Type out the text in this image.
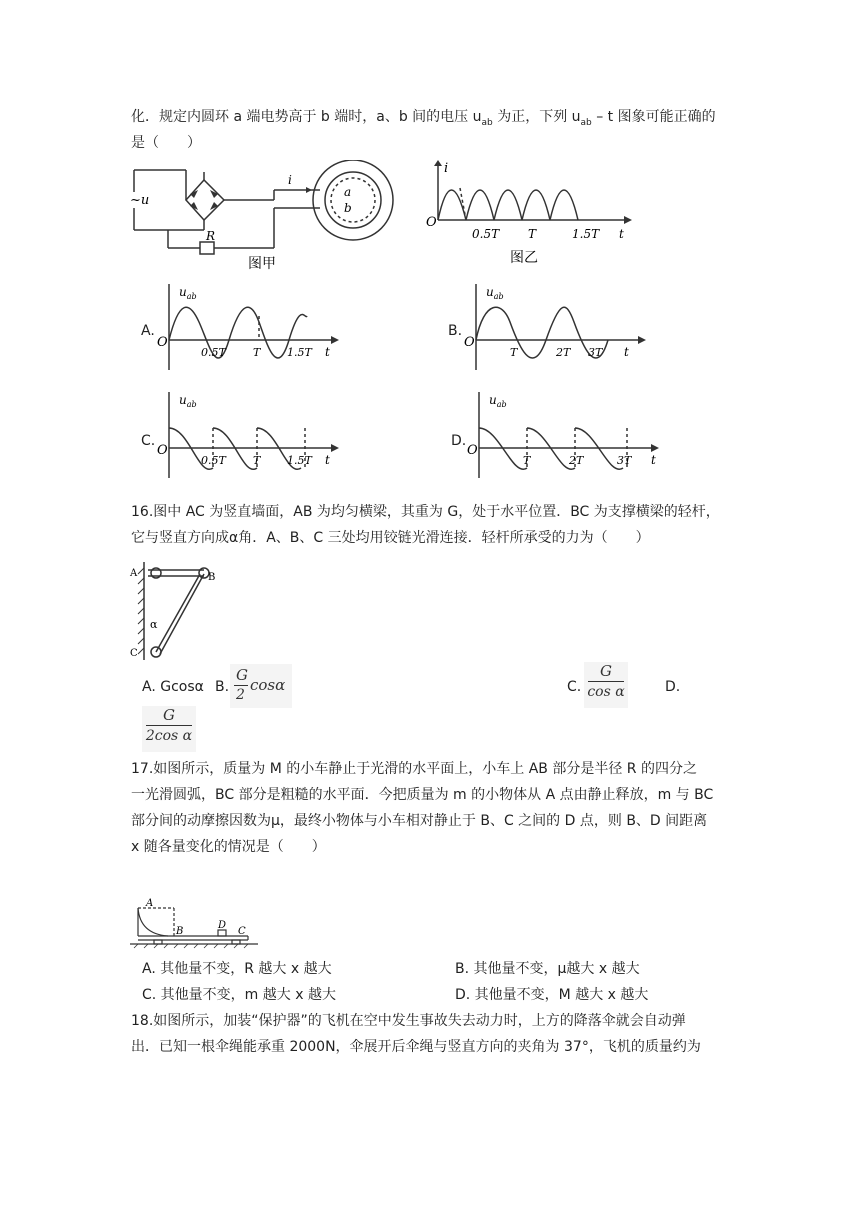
化．规定内圆环 a 端电势高于 b 端时，a、b 间的电压 $u_{ab}$ 为正，下列 $u_{ab}$ – t 图象可能正确的
是（　　）
~u
i
a
b
R
图甲
i
O
0.5T T	1.5T t
图乙
A.
$u_{ab}$
O
0.5T T 1.5T t
B.
$u_{ab}$
O
T	2T 3T t
C.
$u_{ab}$
O
0.5T T 1.5T t
D.
$u_{ab}$
O
T	2T	3T t
16.图中 AC 为竖直墙面，AB 为均匀横梁，其重为 G，处于水平位置．BC 为支撑横梁的轻杆，
它与竖直方向成α角．A、B、C 三处均用铰链光滑连接．轻杆所承受的力为（　　）
A	B
C
α
A. Gcosα B.
G
2
cosα	C.
G
cos α	D.
G
2cos α
17.如图所示，质量为 M 的小车静止于光滑的水平面上，小车上 AB 部分是半径 R 的四分之
一光滑圆弧，BC 部分是粗糙的水平面．今把质量为 m 的小物体从 A 点由静止释放，m 与 BC
部分间的动摩擦因数为μ，最终小物体与小车相对静止于 B、C 之间的 D 点，则 B、D 间距离
x 随各量变化的情况是（　　）
A
B
D
C
A. 其他量不变，R 越大 x 越大	B. 其他量不变，μ越大 x 越大
C. 其他量不变，m 越大 x 越大	D. 其他量不变，M 越大 x 越大
18.如图所示，加装“保护器”的飞机在空中发生事故失去动力时，上方的降落伞就会自动弹
出．已知一根伞绳能承重 2000N，伞展开后伞绳与竖直方向的夹角为 37°，飞机的质量约为
